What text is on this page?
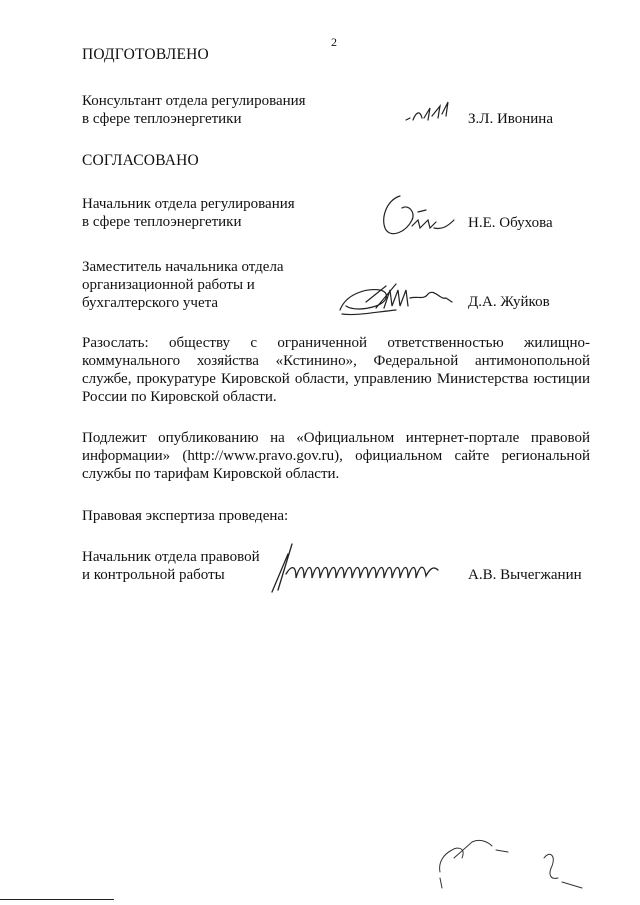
2
ПОДГОТОВЛЕНО
Консультант отдела регулирования
в сфере теплоэнергетики	З.Л. Ивонина
СОГЛАСОВАНО
Начальник отдела регулирования
в сфере теплоэнергетики	Н.Е. Обухова
Заместитель начальника отдела
организационной работы и
бухгалтерского учета	Д.А. Жуйков
Разослать: обществу с ограниченной ответственностью жилищно-
коммунального хозяйства «Кстинино», Федеральной антимонопольной
службе, прокуратуре Кировской области, управлению Министерства юстиции
России по Кировской области.
Подлежит опубликованию на «Официальном интернет-портале правовой
информации» (http://www.pravo.gov.ru), официальном сайте региональной
службы по тарифам Кировской области.
Правовая экспертиза проведена:
Начальник отдела правовой
и контрольной работы	А.В. Вычегжанин
